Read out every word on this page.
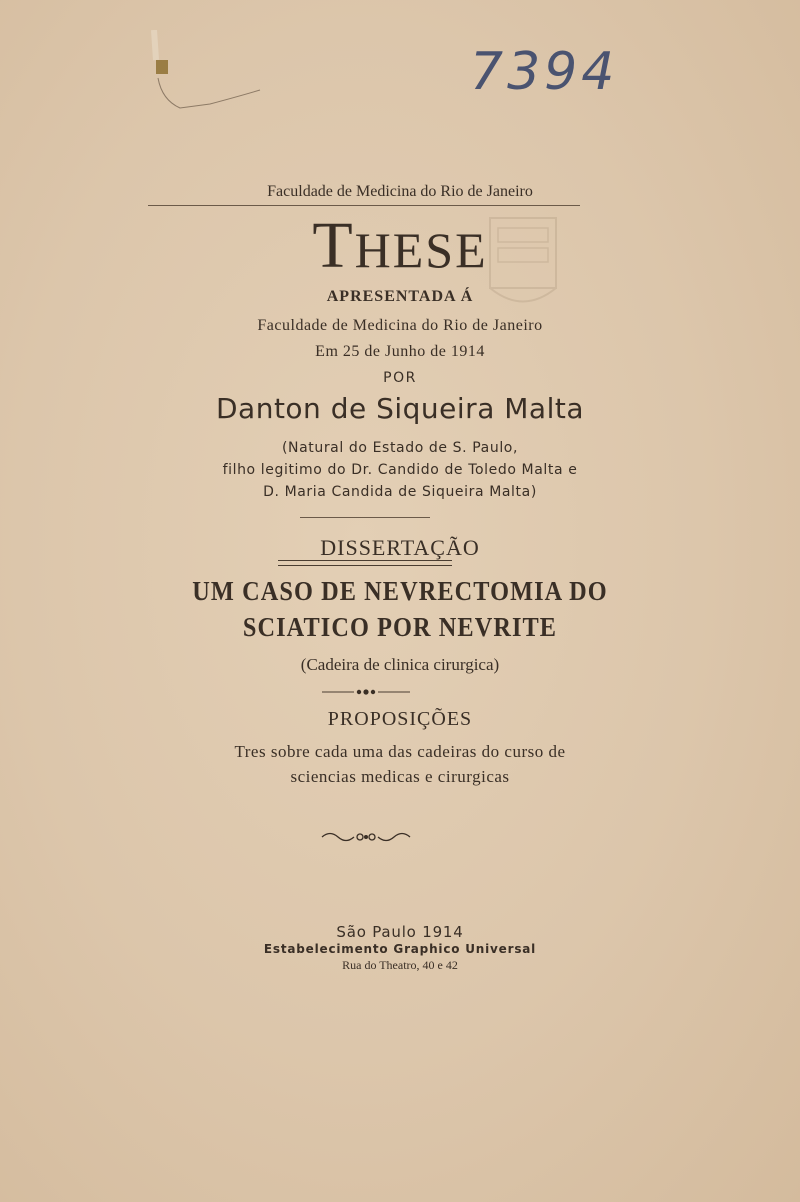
7394
Faculdade de Medicina do Rio de Janeiro
THESE
APRESENTADA Á
Faculdade de Medicina do Rio de Janeiro
Em 25 de Junho de 1914
POR
Danton de Siqueira Malta
(Natural do Estado de S. Paulo,
filho legitimo do Dr. Candido de Toledo Malta e
D. Maria Candida de Siqueira Malta)
DISSERTAÇÃO
UM CASO DE NEVRECTOMIA DO
SCIATICO POR NEVRITE
(Cadeira de clinica cirurgica)
PROPOSIÇÕES
Tres sobre cada uma das cadeiras do curso de
sciencias medicas e cirurgicas
São Paulo 1914
Estabelecimento Graphico Universal
Rua do Theatro, 40 e 42
